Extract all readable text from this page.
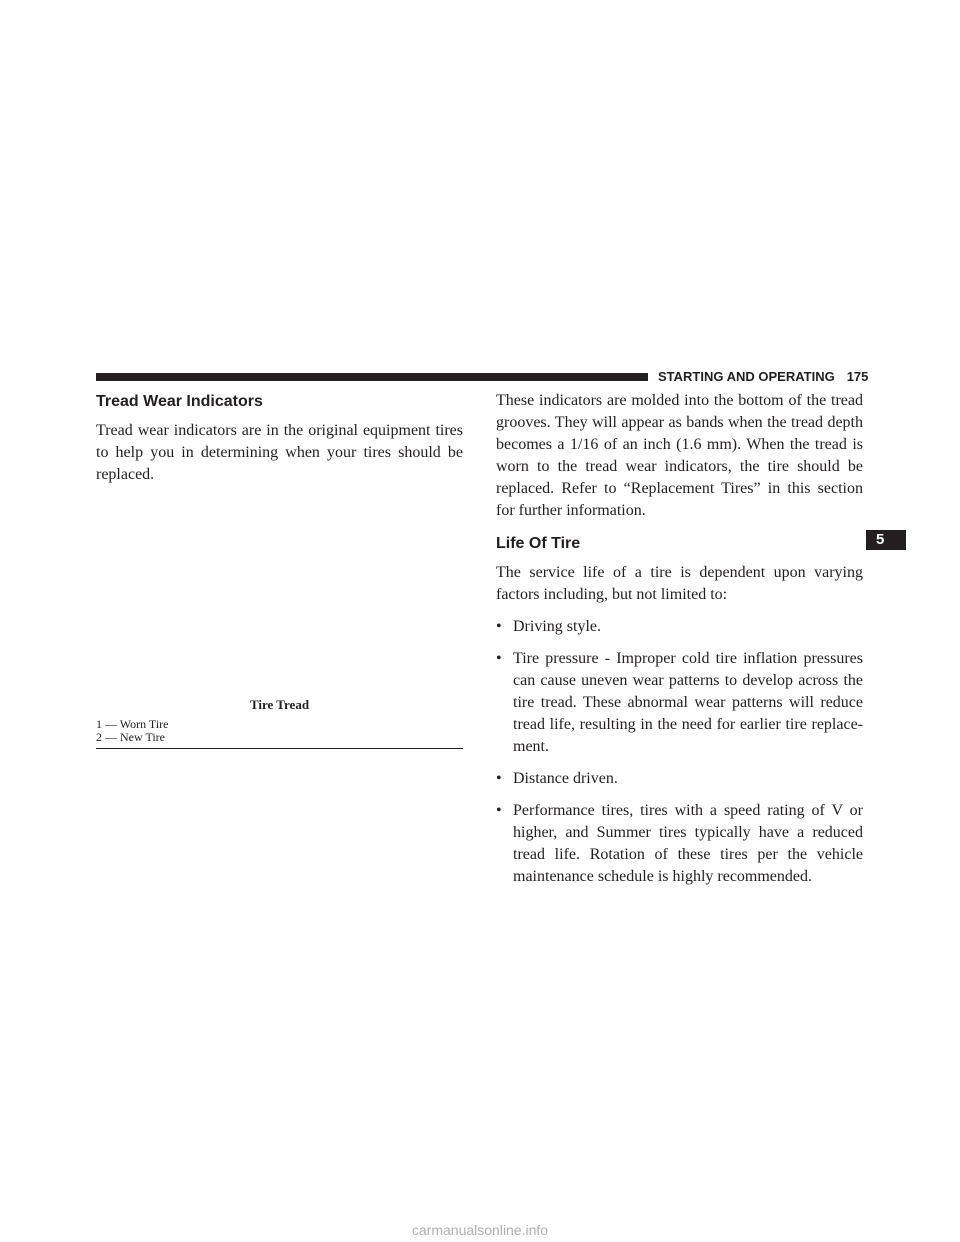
STARTING AND OPERATING 175
Tread Wear Indicators

Tread wear indicators are in the original equipment tires to help you in determining when your tires should be replaced.

Tire Tread
1 — Worn Tire
2 — New Tire

These indicators are molded into the bottom of the tread grooves. They will appear as bands when the tread depth becomes a 1/16 of an inch (1.6 mm). When the tread is worn to the tread wear indicators, the tire should be replaced. Refer to “Replacement Tires” in this section for further information.

Life Of Tire

The service life of a tire is dependent upon varying factors including, but not limited to:

• Driving style.
• Tire pressure - Improper cold tire inflation pressures can cause uneven wear patterns to develop across the tire tread. These abnormal wear patterns will reduce tread life, resulting in the need for earlier tire replace-ment.
• Distance driven.
• Performance tires, tires with a speed rating of V or higher, and Summer tires typically have a reduced tread life. Rotation of these tires per the vehicle maintenance schedule is highly recommended.
5
carmanualsonline.info
